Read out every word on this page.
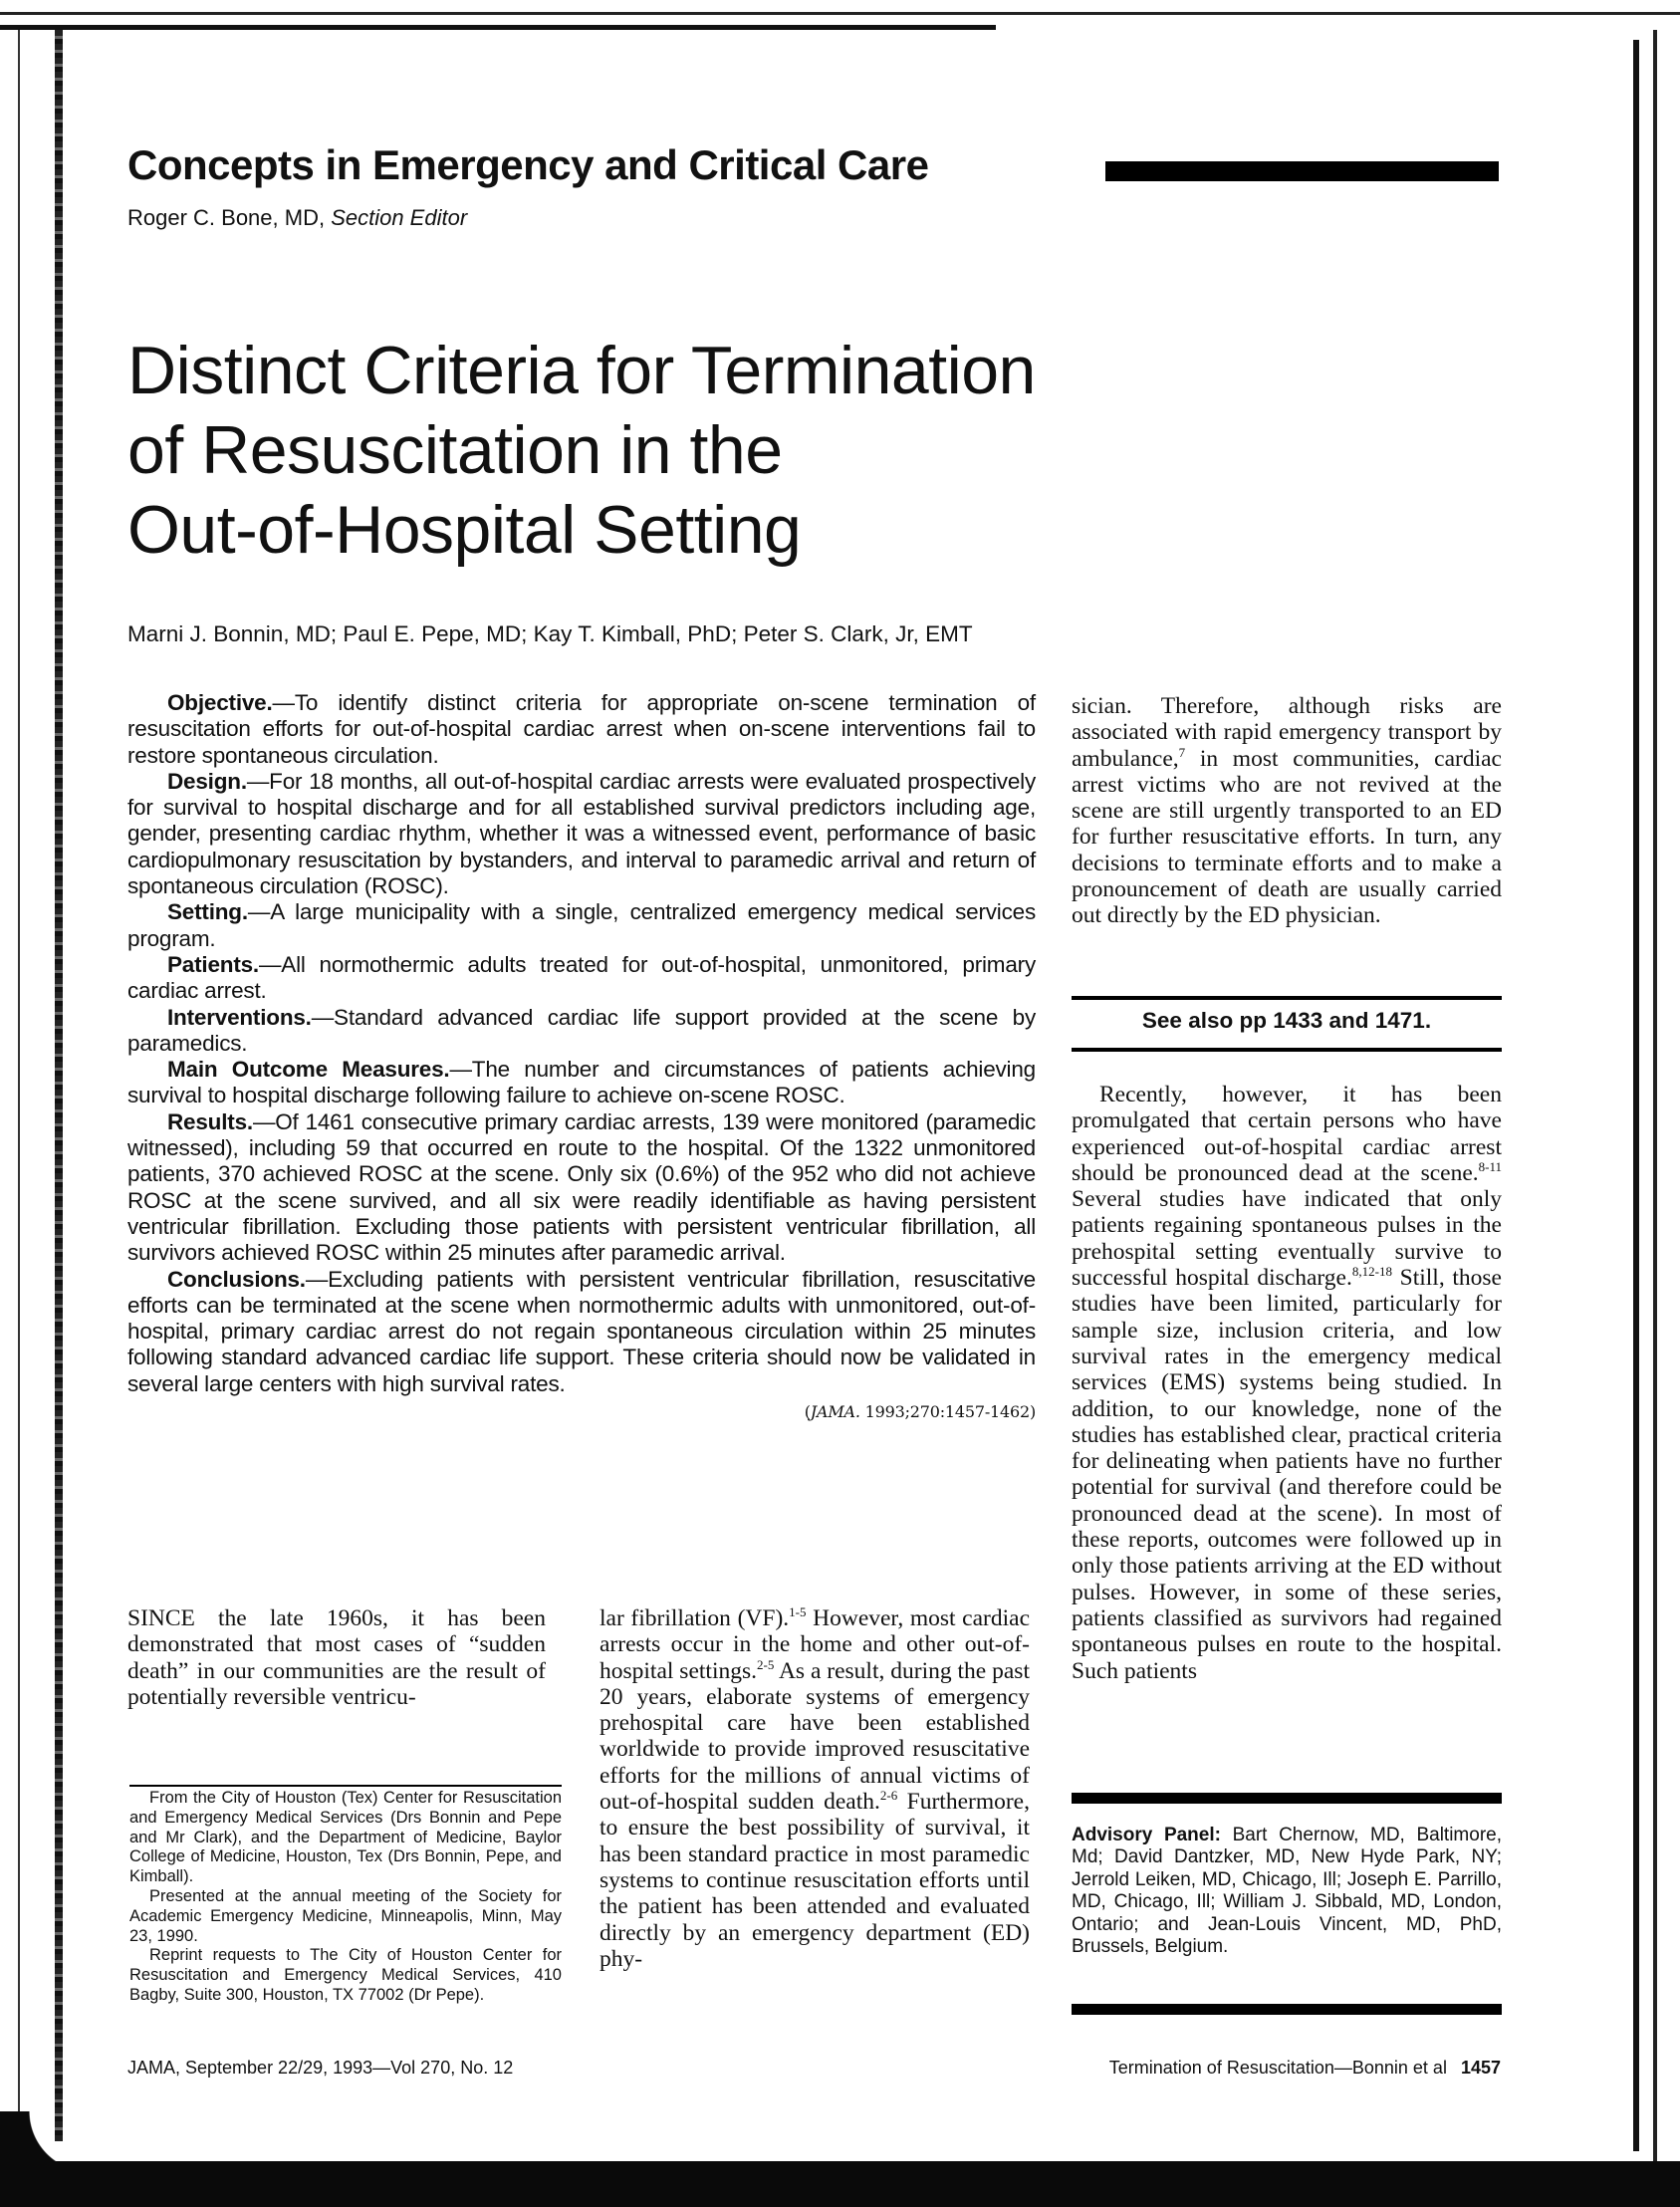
Concepts in Emergency and Critical Care
Roger C. Bone, MD, Section Editor
Distinct Criteria for Termination
of Resuscitation in the
Out-of-Hospital Setting
Marni J. Bonnin, MD; Paul E. Pepe, MD; Kay T. Kimball, PhD; Peter S. Clark, Jr, EMT

Objective.—To identify distinct criteria for appropriate on-scene termination of resuscitation efforts for out-of-hospital cardiac arrest when on-scene interventions fail to restore spontaneous circulation.

Design.—For 18 months, all out-of-hospital cardiac arrests were evaluated prospectively for survival to hospital discharge and for all established survival predictors including age, gender, presenting cardiac rhythm, whether it was a witnessed event, performance of basic cardiopulmonary resuscitation by bystanders, and interval to paramedic arrival and return of spontaneous circulation (ROSC).

Setting.—A large municipality with a single, centralized emergency medical services program.

Patients.—All normothermic adults treated for out-of-hospital, unmonitored, primary cardiac arrest.

Interventions.—Standard advanced cardiac life support provided at the scene by paramedics.

Main Outcome Measures.—The number and circumstances of patients achieving survival to hospital discharge following failure to achieve on-scene ROSC.

Results.—Of 1461 consecutive primary cardiac arrests, 139 were monitored (paramedic witnessed), including 59 that occurred en route to the hospital. Of the 1322 unmonitored patients, 370 achieved ROSC at the scene. Only six (0.6%) of the 952 who did not achieve ROSC at the scene survived, and all six were readily identifiable as having persistent ventricular fibrillation. Excluding those patients with persistent ventricular fibrillation, all survivors achieved ROSC within 25 minutes after paramedic arrival.

Conclusions.—Excluding patients with persistent ventricular fibrillation, resuscitative efforts can be terminated at the scene when normothermic adults with unmonitored, out-of-hospital, primary cardiac arrest do not regain spontaneous circulation within 25 minutes following standard advanced cardiac life support. These criteria should now be validated in several large centers with high survival rates.

(JAMA. 1993;270:1457-1462)

SINCE the late 1960s, it has been demonstrated that most cases of “sudden death” in our communities are the result of potentially reversible ventricu-

From the City of Houston (Tex) Center for Resuscitation and Emergency Medical Services (Drs Bonnin and Pepe and Mr Clark), and the Department of Medicine, Baylor College of Medicine, Houston, Tex (Drs Bonnin, Pepe, and Kimball).

Presented at the annual meeting of the Society for Academic Emergency Medicine, Minneapolis, Minn, May 23, 1990.

Reprint requests to The City of Houston Center for Resuscitation and Emergency Medical Services, 410 Bagby, Suite 300, Houston, TX 77002 (Dr Pepe).

lar fibrillation (VF).$^{1-5}$ However, most cardiac arrests occur in the home and other out-of-hospital settings.$^{2-5}$ As a result, during the past 20 years, elaborate systems of emergency prehospital care have been established worldwide to provide improved resuscitative efforts for the millions of annual victims of out-of-hospital sudden death.$^{2-6}$ Furthermore, to ensure the best possibility of survival, it has been standard practice in most paramedic systems to continue resuscitation efforts until the patient has been attended and evaluated directly by an emergency department (ED) phy-

sician. Therefore, although risks are associated with rapid emergency transport by ambulance,$^7$ in most communities, cardiac arrest victims who are not revived at the scene are still urgently transported to an ED for further resuscitative efforts. In turn, any decisions to terminate efforts and to make a pronouncement of death are usually carried out directly by the ED physician.

See also pp 1433 and 1471.

Recently, however, it has been promulgated that certain persons who have experienced out-of-hospital cardiac arrest should be pronounced dead at the scene.$^{8-11}$ Several studies have indicated that only patients regaining spontaneous pulses in the prehospital setting eventually survive to successful hospital discharge.$^{8,12-18}$ Still, those studies have been limited, particularly for sample size, inclusion criteria, and low survival rates in the emergency medical services (EMS) systems being studied. In addition, to our knowledge, none of the studies has established clear, practical criteria for delineating when patients have no further potential for survival (and therefore could be pronounced dead at the scene). In most of these reports, outcomes were followed up in only those patients arriving at the ED without pulses. However, in some of these series, patients classified as survivors had regained spontaneous pulses en route to the hospital. Such patients

Advisory Panel: Bart Chernow, MD, Baltimore, Md; David Dantzker, MD, New Hyde Park, NY; Jerrold Leiken, MD, Chicago, Ill; Joseph E. Parrillo, MD, Chicago, Ill; William J. Sibbald, MD, London, Ontario; and Jean-Louis Vincent, MD, PhD, Brussels, Belgium.
JAMA, September 22/29, 1993—Vol 270, No. 12	Termination of Resuscitation—Bonnin et al 1457
